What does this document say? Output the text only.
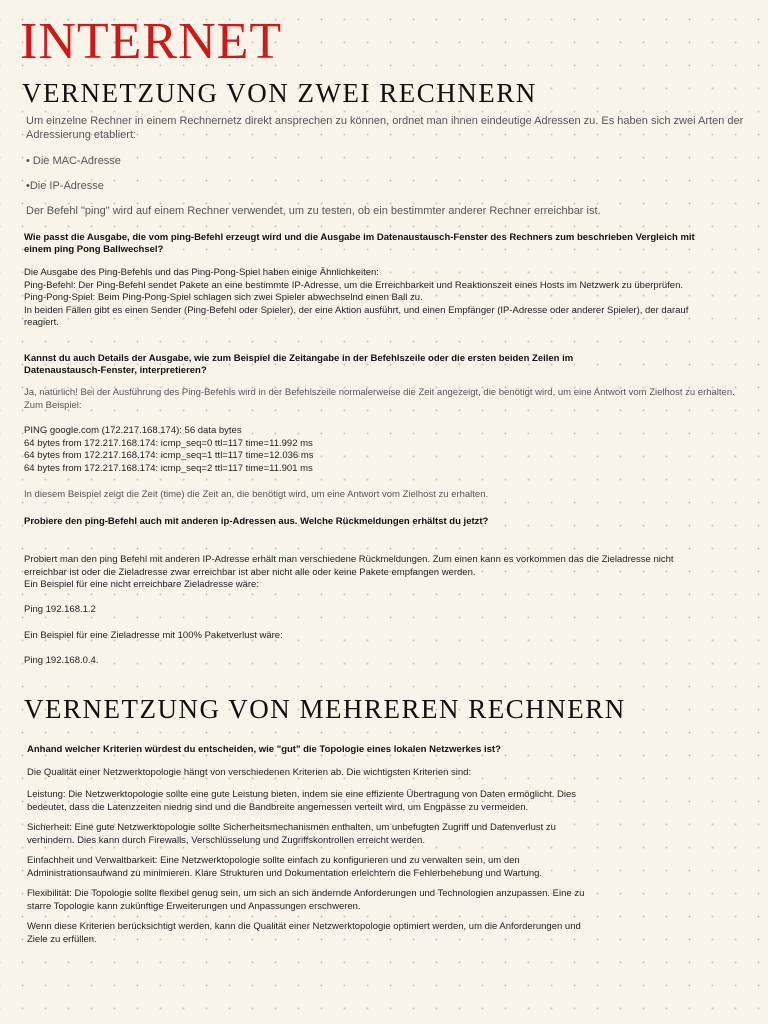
INTERNET
VERNETZUNG VON ZWEI RECHNERN

Um einzelne Rechner in einem Rechnernetz direkt ansprechen zu können, ordnet man ihnen eindeutige Adressen zu. Es haben sich zwei Arten der Adressierung etabliert:

• Die MAC-Adresse

•Die IP-Adresse

Der Befehl "ping" wird auf einem Rechner verwendet, um zu testen, ob ein bestimmter anderer Rechner erreichbar ist.

Wie passt die Ausgabe, die vom ping-Befehl erzeugt wird und die Ausgabe im Datenaustausch-Fenster des Rechners zum beschrieben Vergleich mit einem ping Pong Ballwechsel?

Die Ausgabe des Ping-Befehls und das Ping-Pong-Spiel haben einige Ähnlichkeiten:
Ping-Befehl: Der Ping-Befehl sendet Pakete an eine bestimmte IP-Adresse, um die Erreichbarkeit und Reaktionszeit eines Hosts im Netzwerk zu überprüfen.
Ping-Pong-Spiel: Beim Ping-Pong-Spiel schlagen sich zwei Spieler abwechselnd einen Ball zu.
In beiden Fällen gibt es einen Sender (Ping-Befehl oder Spieler), der eine Aktion ausführt, und einen Empfänger (IP-Adresse oder anderer Spieler), der darauf reagiert.

Kannst du auch Details der Ausgabe, wie zum Beispiel die Zeitangabe in der Befehlszeile oder die ersten beiden Zeilen im Datenaustausch-Fenster, interpretieren?

Ja, natürlich! Bei der Ausführung des Ping-Befehls wird in der Befehlszeile normalerweise die Zeit angezeigt, die benötigt wird, um eine Antwort vom Zielhost zu erhalten. Zum Beispiel:

PING google.com (172.217.168.174): 56 data bytes
64 bytes from 172.217.168.174: icmp_seq=0 ttl=117 time=11.992 ms
64 bytes from 172.217.168.174: icmp_seq=1 ttl=117 time=12.036 ms
64 bytes from 172.217.168.174: icmp_seq=2 ttl=117 time=11.901 ms

In diesem Beispiel zeigt die Zeit (time) die Zeit an, die benötigt wird, um eine Antwort vom Zielhost zu erhalten.

Probiere den ping-Befehl auch mit anderen ip-Adressen aus. Welche Rückmeldungen erhältst du jetzt?

Probiert man den ping Befehl mit anderen IP-Adresse erhält man verschiedene Rückmeldungen. Zum einen kann es vorkommen das die Zieladresse nicht
erreichbar ist oder die Zieladresse zwar erreichbar ist aber nicht alle oder keine Pakete empfangen werden.
Ein Beispiel für eine nicht erreichbare Zieladresse wäre:

Ping 192.168.1.2

Ein Beispiel für eine Zieladresse mit 100% Paketverlust wäre:

Ping 192.168.0.4.

VERNETZUNG VON MEHREREN RECHNERN

Anhand welcher Kriterien würdest du entscheiden, wie "gut" die Topologie eines lokalen Netzwerkes ist?

Die Qualität einer Netzwerktopologie hängt von verschiedenen Kriterien ab. Die wichtigsten Kriterien sind:

Leistung: Die Netzwerktopologie sollte eine gute Leistung bieten, indem sie eine effiziente Übertragung von Daten ermöglicht. Dies
bedeutet, dass die Latenzzeiten niedrig sind und die Bandbreite angemessen verteilt wird, um Engpässe zu vermeiden.
Sicherheit: Eine gute Netzwerktopologie sollte Sicherheitsmechanismen enthalten, um unbefugten Zugriff und Datenverlust zu
verhindern. Dies kann durch Firewalls, Verschlüsselung und Zugriffskontrollen erreicht werden.
Einfachheit und Verwaltbarkeit: Eine Netzwerktopologie sollte einfach zu konfigurieren und zu verwalten sein, um den
Administrationsaufwand zu minimieren. Klare Strukturen und Dokumentation erleichtern die Fehlerbehebung und Wartung.
Flexibilität: Die Topologie sollte flexibel genug sein, um sich an sich ändernde Anforderungen und Technologien anzupassen. Eine zu
starre Topologie kann zukünftige Erweiterungen und Anpassungen erschweren.
Wenn diese Kriterien berücksichtigt werden, kann die Qualität einer Netzwerktopologie optimiert werden, um die Anforderungen und
Ziele zu erfüllen.
